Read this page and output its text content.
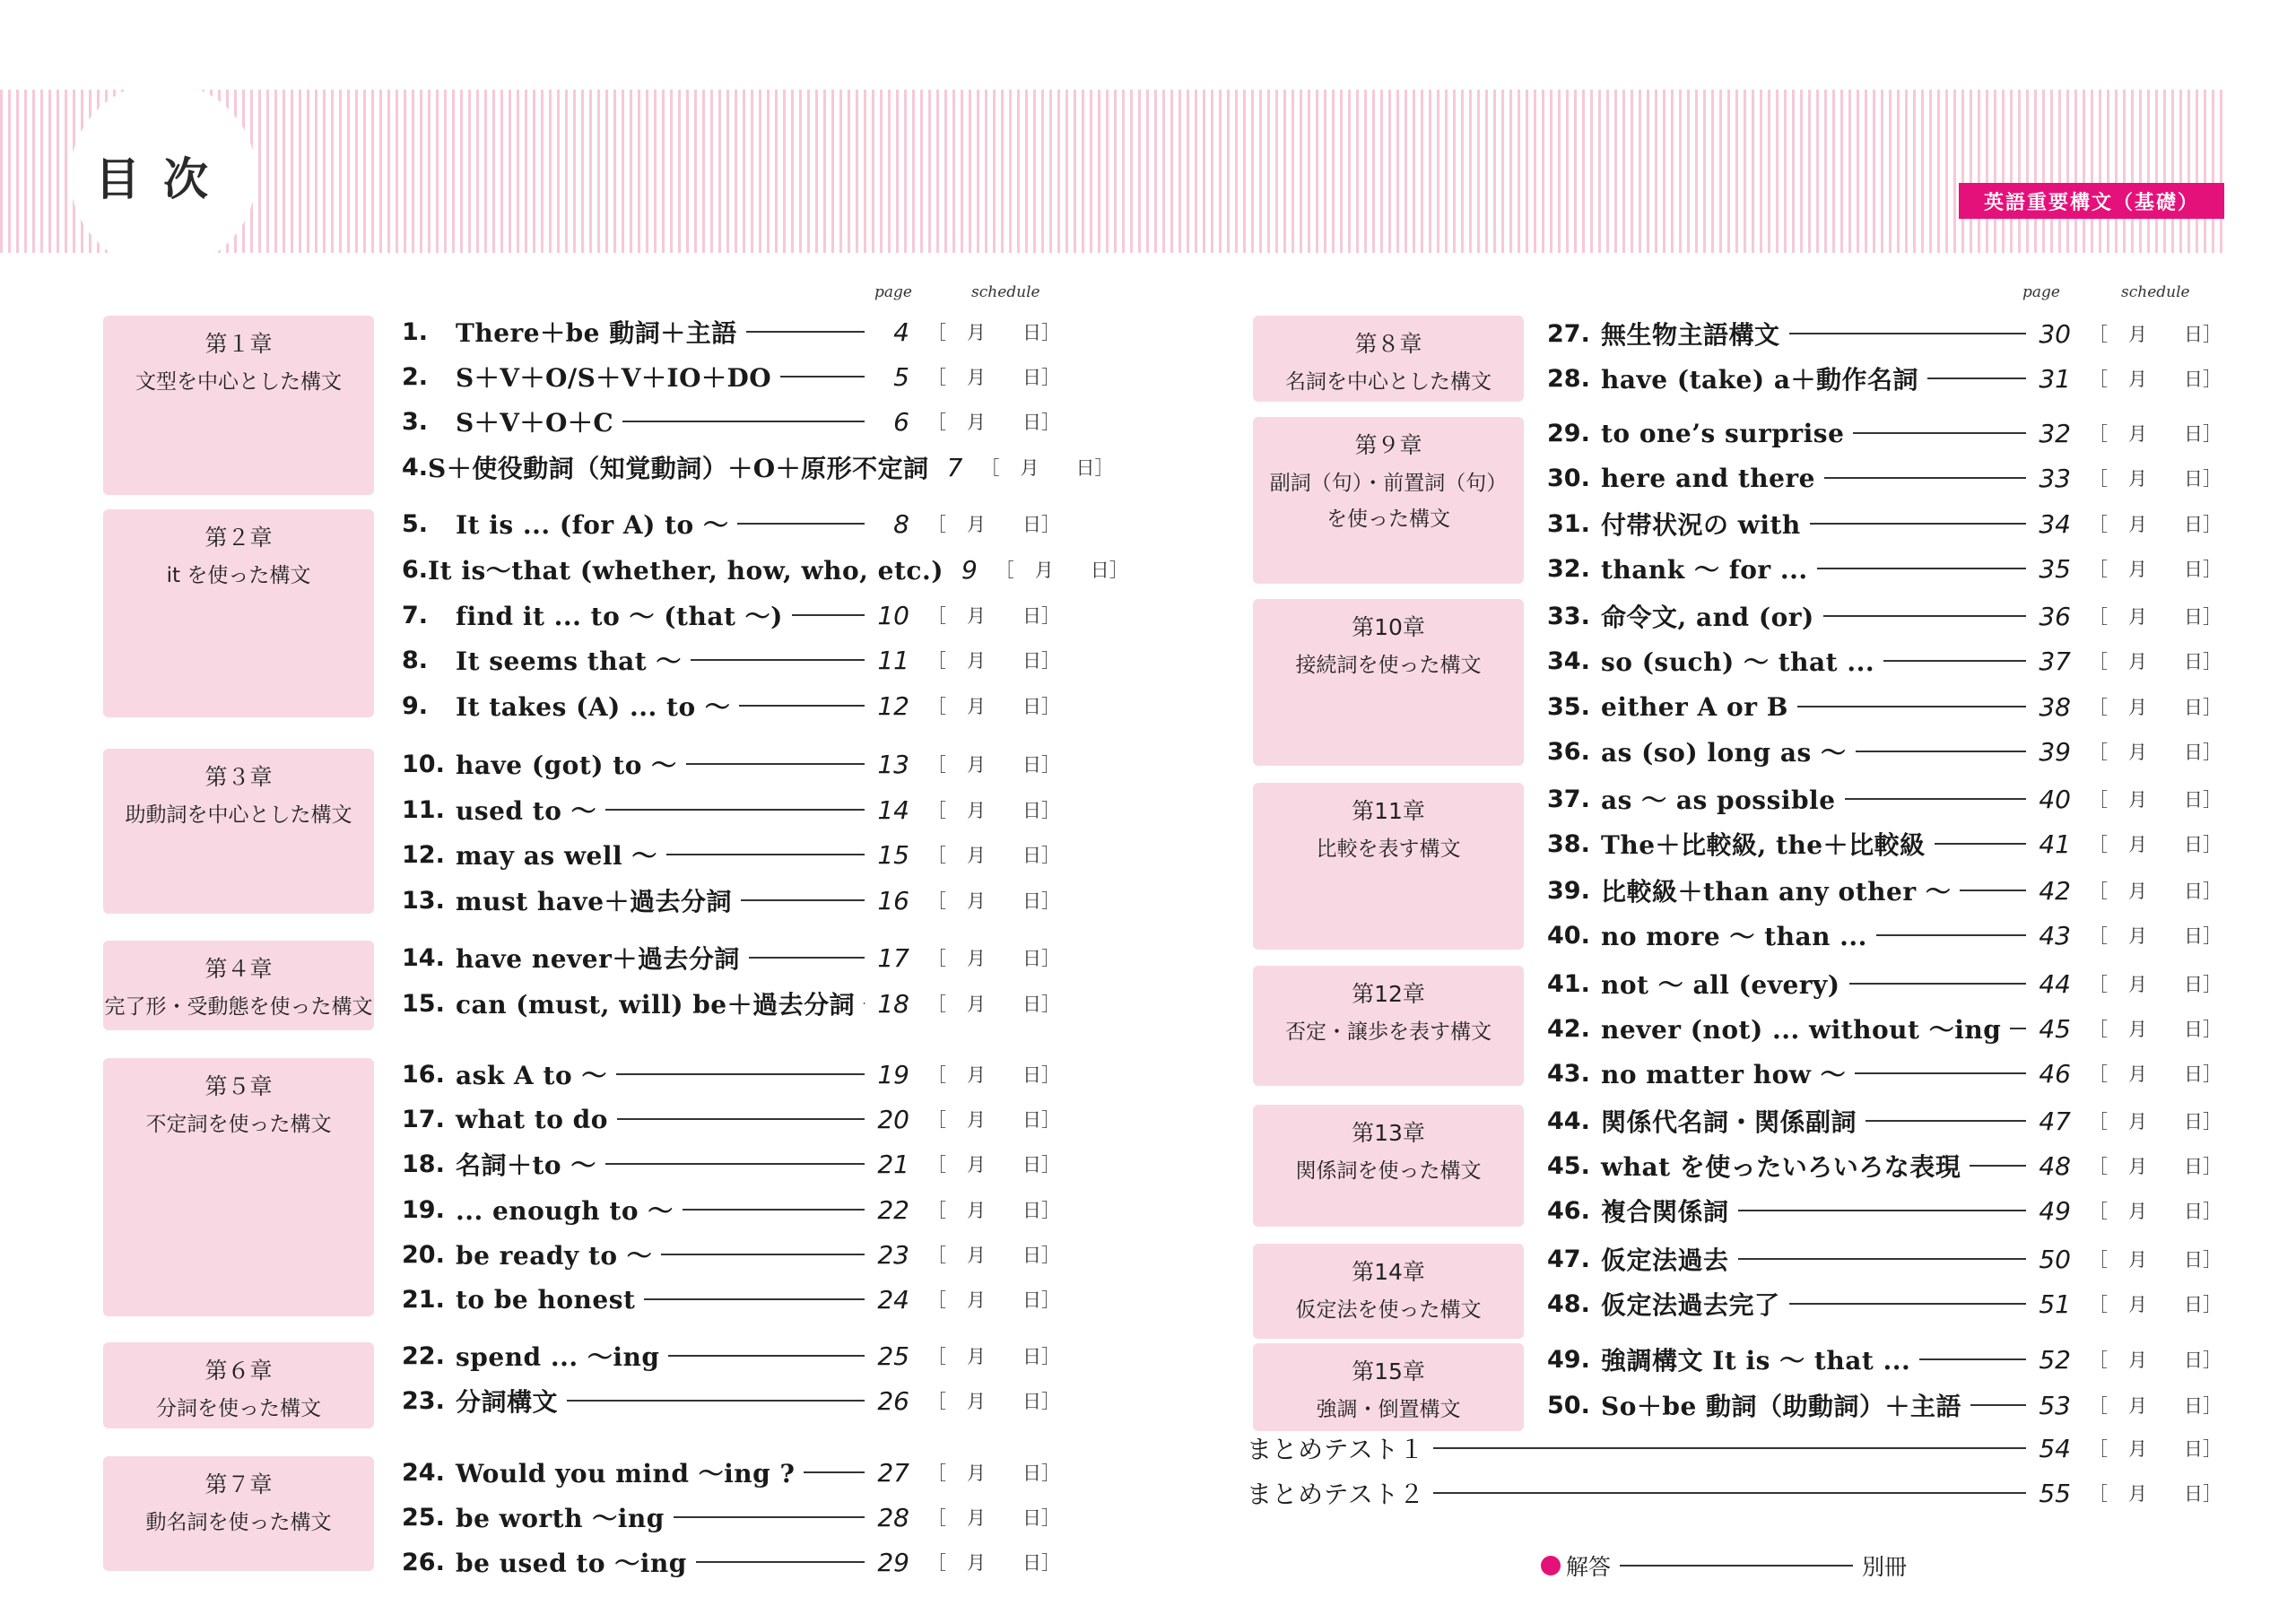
目次	英語重要構文（基礎）
page	schedule	page	schedule
第１章
文型を中心とした構文
第２章
it を使った構文
第３章
助動詞を中心とした構文
第４章
完了形・受動態を使った構文
第５章
不定詞を使った構文
第６章
分詞を使った構文
第７章
動名詞を使った構文
第８章
名詞を中心とした構文
第９章
副詞（句）・前置詞（句）
を使った構文
第10章
接続詞を使った構文
第11章
比較を表す構文
第12章
否定・譲歩を表す構文
第13章
関係詞を使った構文
第14章
仮定法を使った構文
第15章
強調・倒置構文
1.	There＋be 動詞＋主語	4 ［	月	日］
2.	S＋V＋O/S＋V＋IO＋DO	5 ［	月	日］
3.	S＋V＋O＋C	6 ［	月	日］
4. S＋使役動詞（知覚動詞）＋O＋原形不定詞 7 ［	月	日］
5.	It is ... (for A) to ～	8 ［	月	日］
6. It is～that (whether, how, who, etc.) 9 ［	月	日］
7.	find it ... to ～ (that ～)	10 ［	月	日］
8.	It seems that ～	11 ［	月	日］
9.	It takes (A) ... to ～	12 ［	月	日］
10. have (got) to ～	13 ［	月	日］
11. used to ～	14 ［	月	日］
12. may as well ～	15 ［	月	日］
13. must have＋過去分詞	16 ［	月	日］
14. have never＋過去分詞	17 ［	月	日］
15. can (must, will) be＋過去分詞 18 ［	月	日］
16. ask A to ～	19 ［	月	日］
17. what to do	20 ［	月	日］
18. 名詞＋to ～	21 ［	月	日］
19. ... enough to ～	22 ［	月	日］
20. be ready to ～	23 ［	月	日］
21. to be honest	24 ［	月	日］
22. spend ... ～ing	25 ［	月	日］
23. 分詞構文	26 ［	月	日］
24. Would you mind ～ing ?	27 ［	月	日］
25. be worth ～ing	28 ［	月	日］
26. be used to ～ing	29 ［	月	日］
27. 無生物主語構文	30 ［	月	日］
28. have (take) a＋動作名詞	31 ［	月	日］
29. to one’s surprise	32 ［	月	日］
30. here and there	33 ［	月	日］
31. 付帯状況の with	34 ［	月	日］
32. thank ～ for ...	35 ［	月	日］
33. 命令文, and (or)	36 ［	月	日］
34. so (such) ～ that ...	37 ［	月	日］
35. either A or B	38 ［	月	日］
36. as (so) long as ～	39 ［	月	日］
37. as ～ as possible	40 ［	月	日］
38. The＋比較級, the＋比較級	41 ［	月	日］
39. 比較級＋than any other ～	42 ［	月	日］
40. no more ～ than ...	43 ［	月	日］
41. not ～ all (every)	44 ［	月	日］
42. never (not) ... without ～ing 45 ［	月	日］
43. no matter how ～	46 ［	月	日］
44. 関係代名詞・関係副詞	47 ［	月	日］
45. what を使ったいろいろな表現	48 ［	月	日］
46. 複合関係詞	49 ［	月	日］
47. 仮定法過去	50 ［	月	日］
48. 仮定法過去完了	51 ［	月	日］
49. 強調構文 It is ～ that ...	52 ［	月	日］
50. So＋be 動詞（助動詞）＋主語	53 ［	月	日］
まとめテスト１	54 ［	月	日］
まとめテスト２	55 ［	月	日］
解答	別冊
